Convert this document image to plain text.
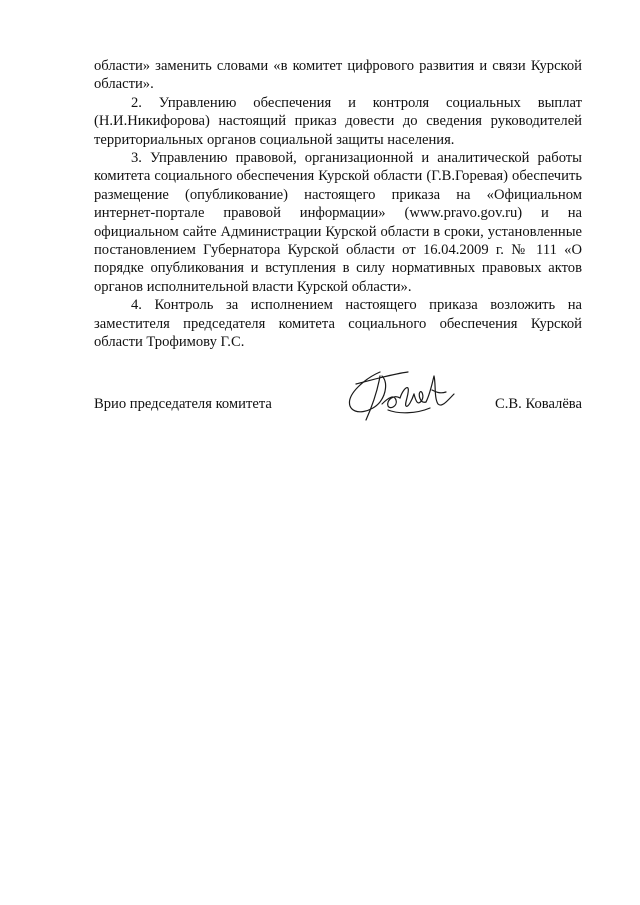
области» заменить словами «в комитет цифрового развития и связи Курской области».

2. Управлению обеспечения и контроля социальных выплат (Н.И.Никифорова) настоящий приказ довести до сведения руководителей территориальных органов социальной защиты населения.

3. Управлению правовой, организационной и аналитической работы комитета социального обеспечения Курской области (Г.В.Горевая) обеспечить размещение (опубликование) настоящего приказа на «Официальном интернет-портале правовой информации» (www.pravo.gov.ru) и на официальном сайте Администрации Курской области в сроки, установленные постановлением Губернатора Курской области от 16.04.2009 г. № 111 «О порядке опубликования и вступления в силу нормативных правовых актов органов исполнительной власти Курской области».

4. Контроль за исполнением настоящего приказа возложить на заместителя председателя комитета социального обеспечения Курской области Трофимову Г.С.

Врио председателя комитета	С.В. Ковалёва
